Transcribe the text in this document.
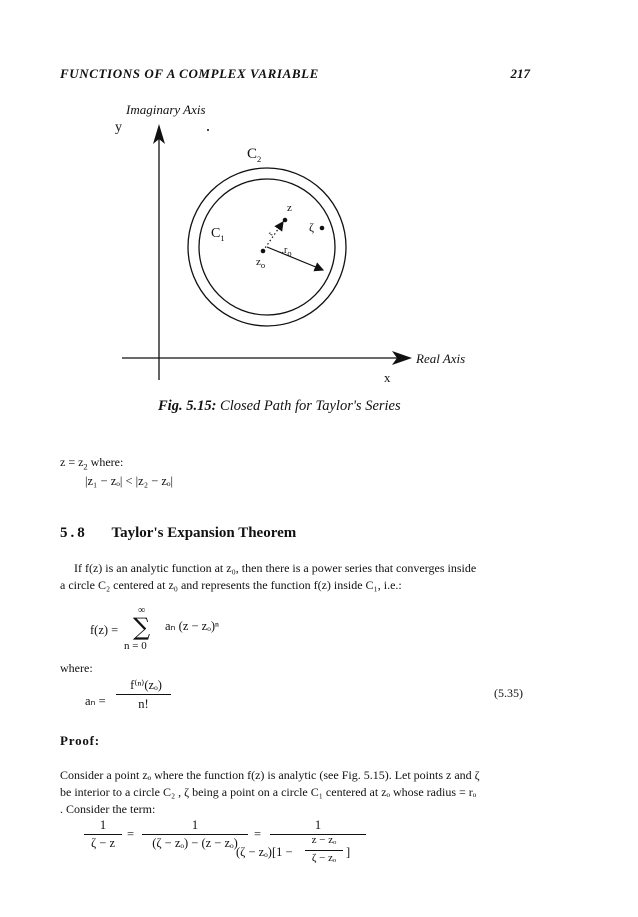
FUNCTIONS OF A COMPLEX VARIABLE	217
Imaginary Axis
y
$C_2$
$C_1$
z
ζ
$z_o$
$..r_o$
r
Real Axis
x
Fig. 5.15: Closed Path for Taylor's Series
$z = z_2$ where:
|z₁ − zₒ| < |z₂ − zₒ|
5.8 Taylor's Expansion Theorem
If f(z) is an analytic function at z₀, then there is a power series that converges inside
a circle C₂ centered at z₀ and represents the function f(z) inside C₁, i.e.:
f(z) =
∞
∑ aₙ (z − zₒ)ⁿ
n = 0
where:
aₙ =
f⁽ⁿ⁾(zₒ)
n!
(5.35)
Proof:
Consider a point zₒ where the function f(z) is analytic (see Fig. 5.15). Let points z and ζ
be interior to a circle C₂ , ζ being a point on a circle C₁ centered at zₒ whose radius = rₒ
. Consider the term:
1
ζ − z
=
1
(ζ − zₒ) − (z − zₒ)
=
1
(ζ − zₒ)[1 −
z − zₒ
ζ − zₒ ]
